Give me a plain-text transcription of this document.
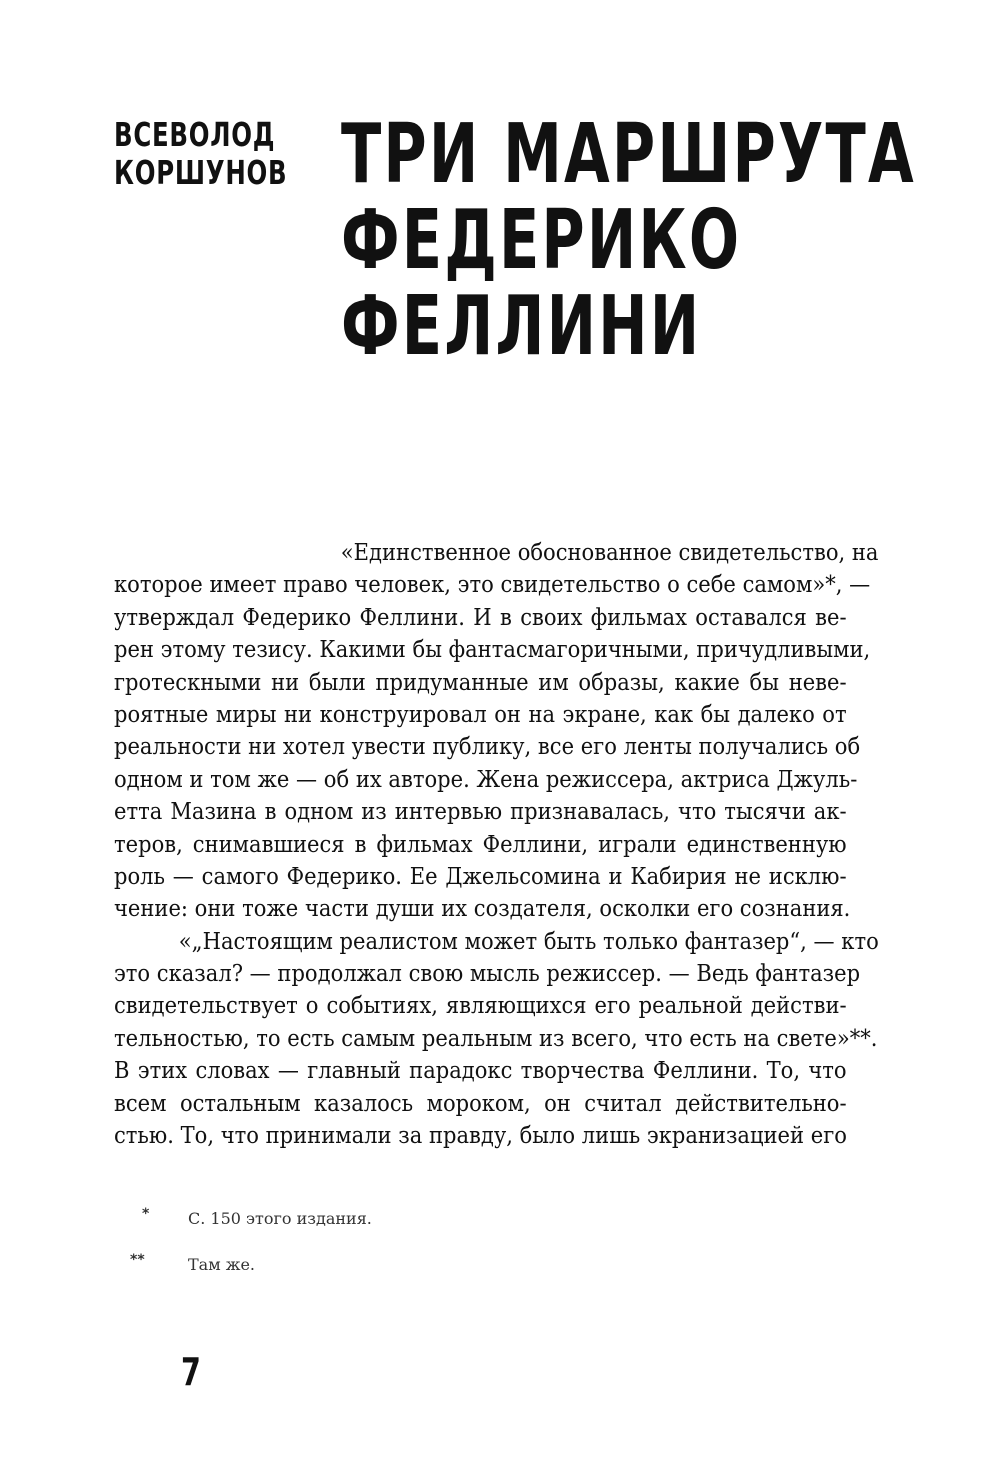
ВСЕВОЛОД
КОРШУНОВ ТРИ МАРШРУТА
ФЕДЕРИКО
ФЕЛЛИНИ
«Единственное обоснованное свидетельство, на
которое имеет право человек, это свидетельство о себе самом»*, —
утверждал Федерико Феллини. И в своих фильмах оставался ве-
рен этому тезису. Какими бы фантасмагоричными, причудливыми,
гротескными ни были придуманные им образы, какие бы неве-
роятные миры ни конструировал он на экране, как бы далеко от
реальности ни хотел увести публику, все его ленты получались об
одном и том же — об их авторе. Жена режиссера, актриса Джуль-
етта Мазина в одном из интервью признавалась, что тысячи ак-
теров, снимавшиеся в фильмах Феллини, играли единственную
роль — самого Федерико. Ее Джельсомина и Кабирия не исклю-
чение: они тоже части души их создателя, осколки его сознания.
«„Настоящим реалистом может быть только фантазер“, — кто
это сказал? — продолжал свою мысль режиссер. — Ведь фантазер
свидетельствует о событиях, являющихся его реальной действи-
тельностью, то есть самым реальным из всего, что есть на свете»**.
В этих словах — главный парадокс творчества Феллини. То, что
всем остальным казалось мороком, он считал действительно-
стью. То, что принимали за правду, было лишь экранизацией его
*	С. 150 этого издания.
**	Там же.
7
